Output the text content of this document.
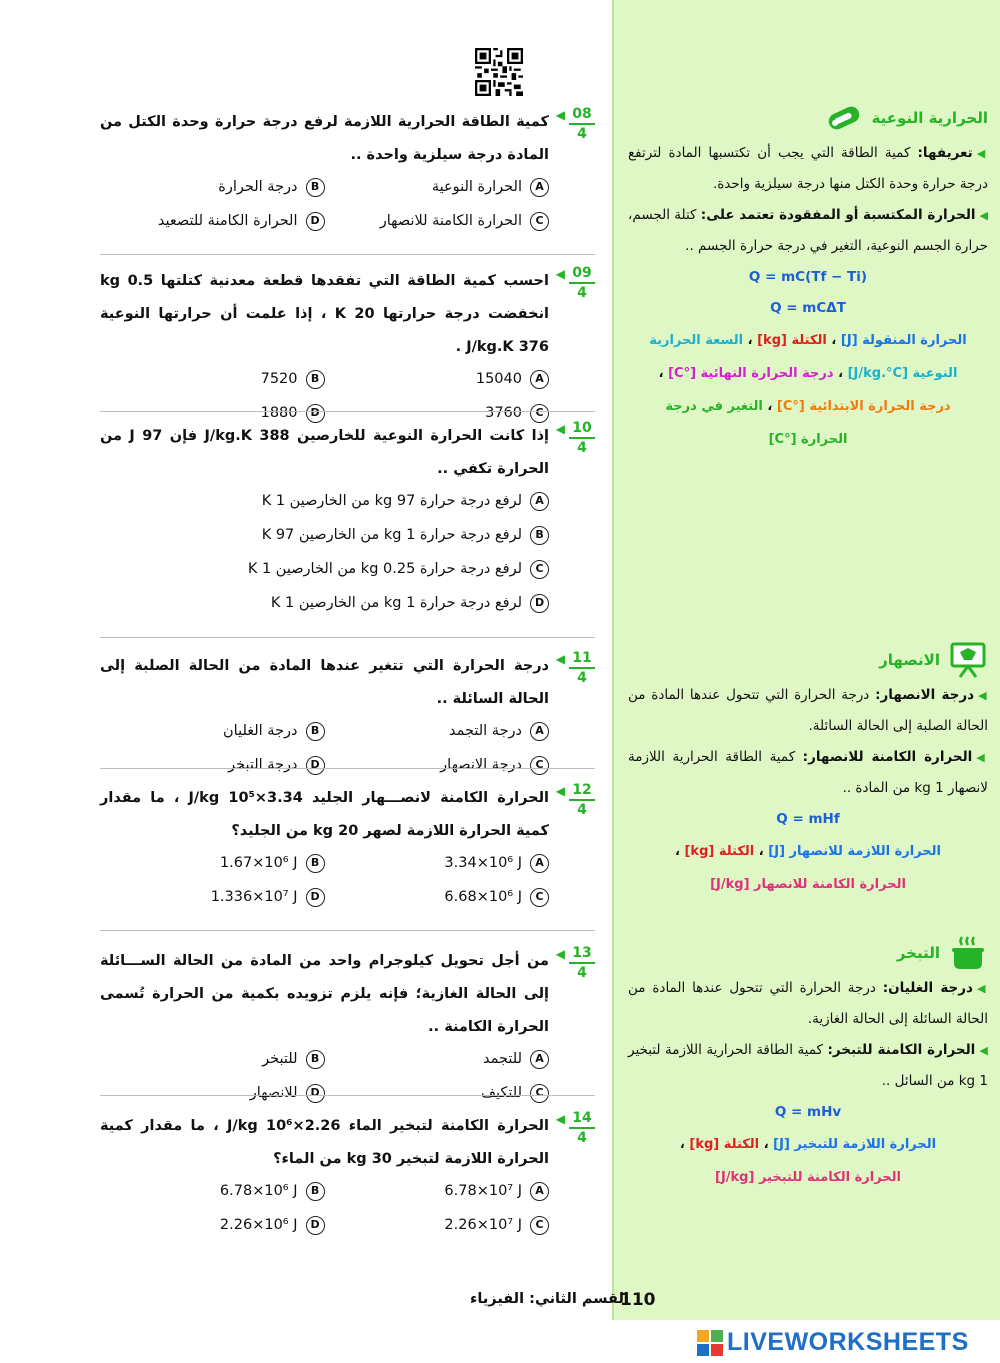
الحرارية النوعية

◀تعريفها: كمية الطاقة التي يجب أن تكتسبها المادة لترتفع درجة حرارة وحدة الكتل منها درجة سيلزية واحدة.

◀الحرارة المكتسبة أو المفقودة تعتمد على: كتلة الجسم، حرارة الجسم النوعية، التغير في درجة حرارة الجسم ..

Q = mC(Tf − Ti)
Q = mCΔT
الحرارة المنقولة [J] ، الكتلة [kg] ، السعة الحرارية
النوعية [J/kg.°C] ، درجة الحرارة النهائية [°C] ،
درجة الحرارة الابتدائية [°C] ، التغير في درجة
الحرارة [°C]
الانصهار

◀درجة الانصهار: درجة الحرارة التي تتحول عندها المادة من الحالة الصلبة إلى الحالة السائلة.

◀الحرارة الكامنة للانصهار: كمية الطاقة الحرارية اللازمة لانصهار 1 kg من المادة ..

Q = mHf
الحرارة اللازمة للانصهار [J] ، الكتلة [kg] ،
الحرارة الكامنة للانصهار [J/kg]
التبخر

◀درجة الغليان: درجة الحرارة التي تتحول عندها المادة من الحالة السائلة إلى الحالة الغازية.

◀الحرارة الكامنة للتبخر: كمية الطاقة الحرارية اللازمة لتبخير 1 kg من السائل ..

Q = mHv
الحرارة اللازمة للتبخير [J] ، الكتلة [kg] ،
الحرارة الكامنة للتبخير [J/kg]
08
4
◀

كمية الطاقة الحرارية اللازمة لرفع درجة حرارة وحدة الكتل من المادة درجة سيلزية واحدة ..

A
الحرارة النوعية
B
درجة الحرارة
C
الحرارة الكامنة للانصهار
D
الحرارة الكامنة للتصعيد
09
4
◀

احسب كمية الطاقة التي تفقدها قطعة معدنية كتلتها 0.5 kg انخفضت درجة حرارتها 20 K ، إذا علمت أن حرارتها النوعية 376 J/kg.K .

A
15040
B
7520
C
3760
D
1880
10
4
◀

إذا كانت الحرارة النوعية للخارصين 388 J/kg.K فإن 97 J من الحرارة تكفي ..

A
لرفع درجة حرارة 97 kg من الخارصين 1 K
B
لرفع درجة حرارة 1 kg من الخارصين 97 K
C
لرفع درجة حرارة 0.25 kg من الخارصين 1 K
D
لرفع درجة حرارة 1 kg من الخارصين 1 K
11
4
◀

درجة الحرارة التي تتغير عندها المادة من الحالة الصلبة إلى الحالة السائلة ..

A
درجة التجمد
B
درجة الغليان
C
درجة الانصهار
D
درجة التبخر
12
4
◀

الحرارة الكامنة لانصـــهار الجليد 3.34×10⁵ J/kg ، ما مقدار كمية الحرارة اللازمة لصهر 20 kg من الجليد؟

A
3.34×10⁶ J
B
1.67×10⁶ J
C
6.68×10⁶ J
D
1.336×10⁷ J
13
4
◀

من أجل تحويل كيلوجرام واحد من المادة من الحالة الســـائلة إلى الحالة الغازية؛ فإنه يلزم تزويده بكمية من الحرارة تُسمى الحرارة الكامنة ..

A
للتجمد
B
للتبخر
C
للتكيف
D
للانصهار
14
4
◀

الحرارة الكامنة لتبخير الماء 2.26×10⁶ J/kg ، ما مقدار كمية الحرارة اللازمة لتبخير 30 kg من الماء؟

A
6.78×10⁷ J
B
6.78×10⁶ J
C
2.26×10⁷ J
D
2.26×10⁶ J
110
القسم الثاني: الفيزياء
LIVEWORKSHEETS
